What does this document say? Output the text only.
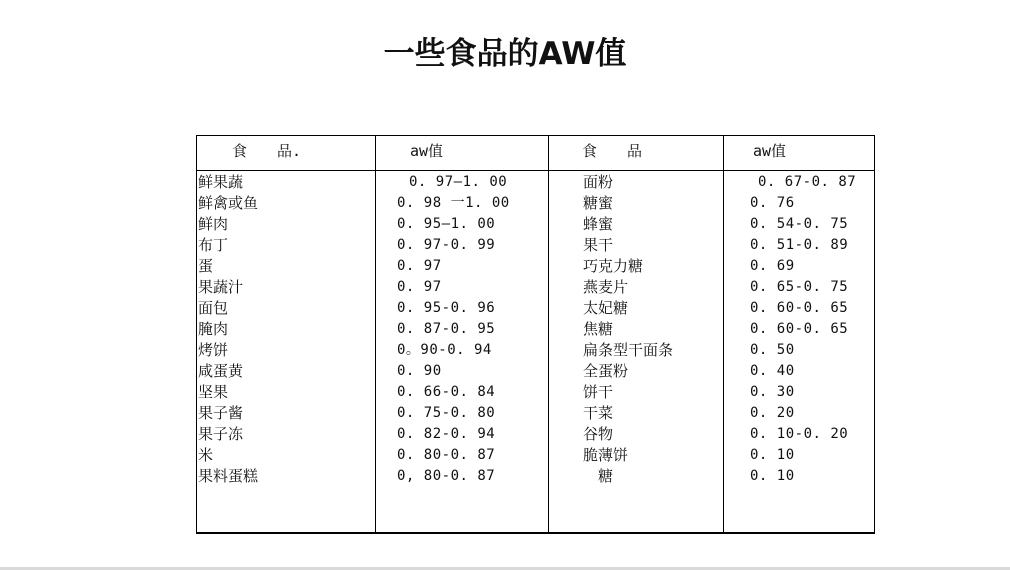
一些食品的AW值
食　　品.	aw值	食　　品	aw值
鲜果蔬	0. 97—1. 00	面粉	0. 67-0. 87
鲜禽或鱼	0. 98 一1. 00	糖蜜	0. 76
鲜肉	0. 95—1. 00	蜂蜜	0. 54-0. 75
布丁	0. 97-0. 99	果干	0. 51-0. 89
蛋	0. 97	巧克力糖	0. 69
果蔬汁	0. 97	燕麦片	0. 65-0. 75
面包	0. 95-0. 96	太妃糖	0. 60-0. 65
腌肉	0. 87-0. 95	焦糖	0. 60-0. 65
烤饼	0。90-0. 94	扁条型干面条	0. 50
咸蛋黄	0. 90	全蛋粉	0. 40
坚果	0. 66-0. 84	饼干	0. 30
果子酱	0. 75-0. 80	干菜	0. 20
果子冻	0. 82-0. 94	谷物	0. 10-0. 20
米	0. 80-0. 87	脆薄饼	0. 10
果料蛋糕	0, 80-0. 87	　糖	0. 10
